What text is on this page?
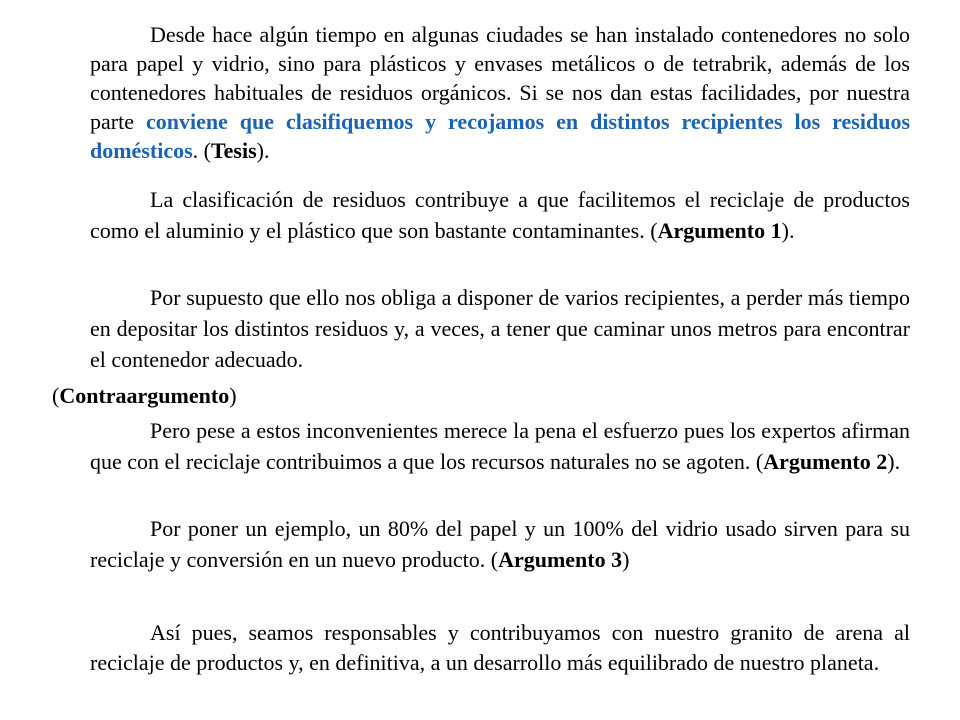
Desde hace algún tiempo en algunas ciudades se han instalado contenedores no solo para papel y vidrio, sino para plásticos y envases metálicos o de tetrabrik, además de los contenedores habituales de residuos orgánicos. Si se nos dan estas facilidades, por nuestra parte conviene que clasifiquemos y recojamos en distintos recipientes los residuos domésticos. (Tesis).

La clasificación de residuos contribuye a que facilitemos el reciclaje de productos como el aluminio y el plástico que son bastante contaminantes. (Argumento 1).

Por supuesto que ello nos obliga a disponer de varios recipientes, a perder más tiempo en depositar los distintos residuos y, a veces, a tener que caminar unos metros para encontrar el contenedor adecuado.

(Contraargumento)

Pero pese a estos inconvenientes merece la pena el esfuerzo pues los expertos afirman que con el reciclaje contribuimos a que los recursos naturales no se agoten. (Argumento 2).

Por poner un ejemplo, un 80% del papel y un 100% del vidrio usado sirven para su reciclaje y conversión en un nuevo producto. (Argumento 3)

Así pues, seamos responsables y contribuyamos con nuestro granito de arena al reciclaje de productos y, en definitiva, a un desarrollo más equilibrado de nuestro planeta.
